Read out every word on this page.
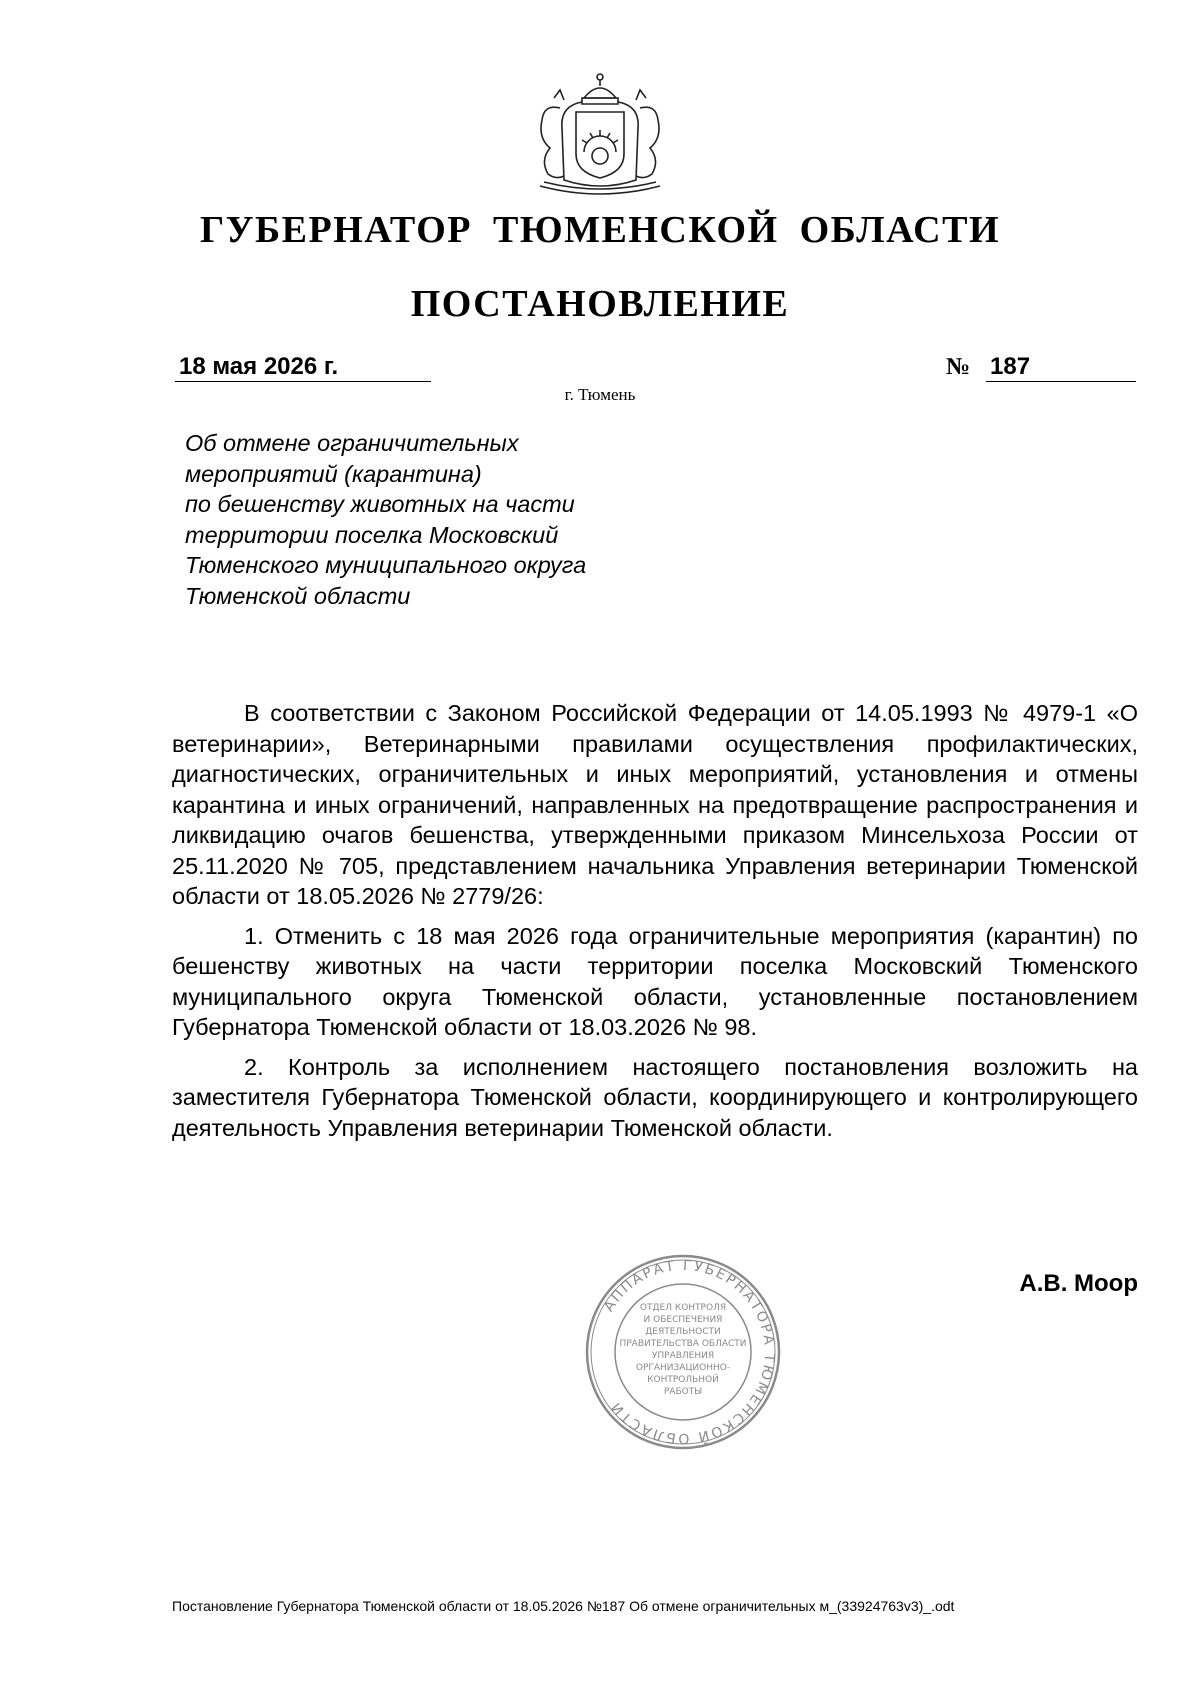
ГУБЕРНАТОР ТЮМЕНСКОЙ ОБЛАСТИ
ПОСТАНОВЛЕНИЕ
18 мая 2026 г.	№ 187
г. Тюмень
Об отмене ограничительных
мероприятий (карантина)
по бешенству животных на части
территории поселка Московский
Тюменского муниципального округа
Тюменской области

В соответствии с Законом Российской Федерации от 14.05.1993 № 4979-1 «О ветеринарии», Ветеринарными правилами осуществления профилактических, диагностических, ограничительных и иных мероприятий, установления и отмены карантина и иных ограничений, направленных на предотвращение распространения и ликвидацию очагов бешенства, утвержденными приказом Минсельхоза России от 25.11.2020 № 705, представлением начальника Управления ветеринарии Тюменской области от 18.05.2026 № 2779/26:

1. Отменить с 18 мая 2026 года ограничительные мероприятия (карантин) по бешенству животных на части территории поселка Московский Тюменского муниципального округа Тюменской области, установленные постановлением Губернатора Тюменской области от 18.03.2026 № 98.

2. Контроль за исполнением настоящего постановления возложить на заместителя Губернатора Тюменской области, координирующего и контролирующего деятельность Управления ветеринарии Тюменской области.

АППАРАТ ГУБЕРНАТОРА ТЮМЕНСКОЙ ОБЛАСТИ
ОТДЕЛ КОНТРОЛЯ
И ОБЕСПЕЧЕНИЯ
ДЕЯТЕЛЬНОСТИ
ПРАВИТЕЛЬСТВА ОБЛАСТИ
УПРАВЛЕНИЯ
ОРГАНИЗАЦИОННО-
КОНТРОЛЬНОЙ
РАБОТЫ
А.В. Моор
Постановление Губернатора Тюменской области от 18.05.2026 №187 Об отмене ограничительных м_(33924763v3)_.odt
